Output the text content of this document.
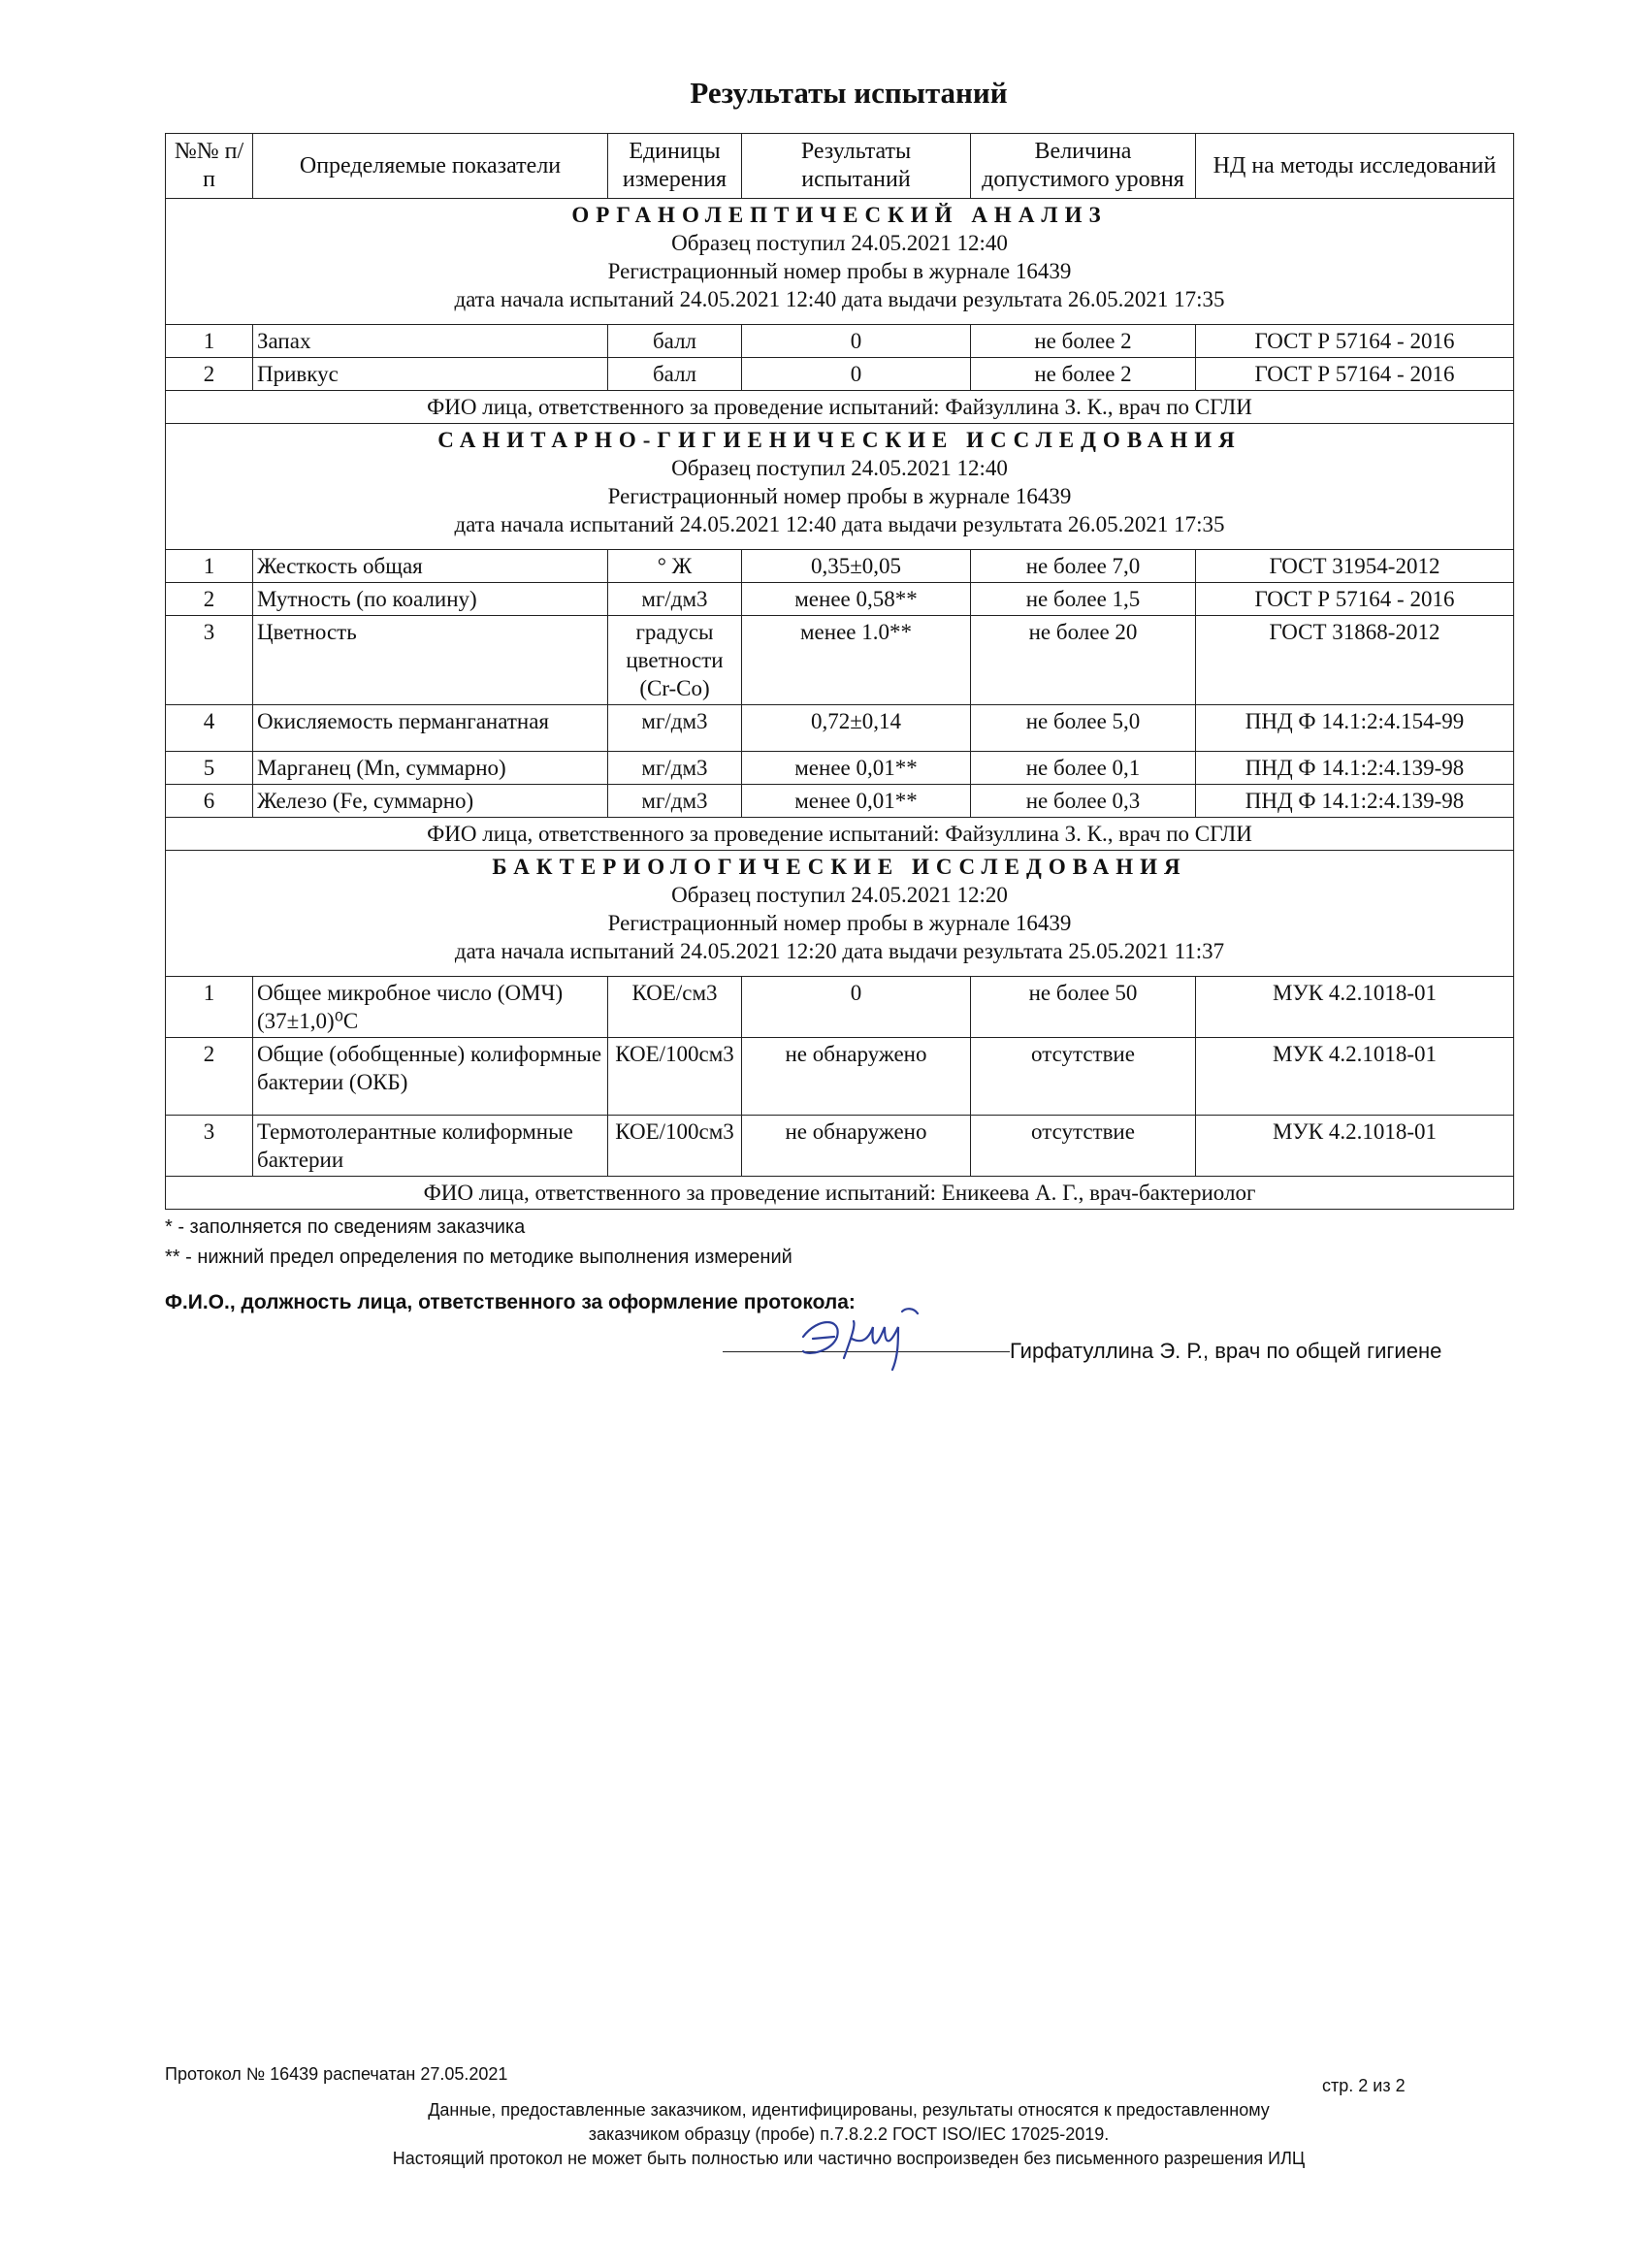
Результаты испытаний
№№ п/п	Определяемые показатели	Единицы измерения	Результаты испытаний	Величина допустимого уровня	НД на методы исследований

ОРГАНОЛЕПТИЧЕСКИЙ АНАЛИЗ
Образец поступил 24.05.2021 12:40
Регистрационный номер пробы в журнале 16439
дата начала испытаний 24.05.2021 12:40 дата выдачи результата 26.05.2021 17:35					

1	Запах	балл	0	не более 2	ГОСТ Р 57164 - 2016
2	Привкус	балл	0	не более 2	ГОСТ Р 57164 - 2016
ФИО лица, ответственного за проведение испытаний: Файзуллина З. К., врач по СГЛИ					

САНИТАРНО-ГИГИЕНИЧЕСКИЕ ИССЛЕДОВАНИЯ
Образец поступил 24.05.2021 12:40
Регистрационный номер пробы в журнале 16439
дата начала испытаний 24.05.2021 12:40 дата выдачи результата 26.05.2021 17:35					

1	Жесткость общая	° Ж	0,35±0,05	не более 7,0	ГОСТ 31954-2012
2	Мутность (по коалину)	мг/дм3	менее 0,58**	не более 1,5	ГОСТ Р 57164 - 2016
3	Цветность	градусы цветности (Cr-Co)	менее 1.0**	не более 20	ГОСТ 31868-2012
4	Окисляемость перманганатная	мг/дм3	0,72±0,14	не более 5,0	ПНД Ф 14.1:2:4.154-99
5	Марганец (Mn, суммарно)	мг/дм3	менее 0,01**	не более 0,1	ПНД Ф 14.1:2:4.139-98
6	Железо (Fe, суммарно)	мг/дм3	менее 0,01**	не более 0,3	ПНД Ф 14.1:2:4.139-98
ФИО лица, ответственного за проведение испытаний: Файзуллина З. К., врач по СГЛИ					

БАКТЕРИОЛОГИЧЕСКИЕ ИССЛЕДОВАНИЯ
Образец поступил 24.05.2021 12:20
Регистрационный номер пробы в журнале 16439
дата начала испытаний 24.05.2021 12:20 дата выдачи результата 25.05.2021 11:37					

1	Общее микробное число (ОМЧ) (37±1,0)⁰С	КОЕ/см3	0	не более 50	МУК 4.2.1018-01
2	Общие (обобщенные) колиформные бактерии (ОКБ)	КОЕ/100см3	не обнаружено	отсутствие	МУК 4.2.1018-01
3	Термотолерантные колиформные бактерии	КОЕ/100см3	не обнаружено	отсутствие	МУК 4.2.1018-01
ФИО лица, ответственного за проведение испытаний: Еникеева А. Г., врач-бактериолог					
* - заполняется по сведениям заказчика
** - нижний предел определения по методике выполнения измерений
Ф.И.О., должность лица, ответственного за оформление протокола:
Гирфатуллина Э. Р., врач по общей гигиене
Протокол № 16439 распечатан 27.05.2021
стр. 2 из 2
Данные, предоставленные заказчиком, идентифицированы, результаты относятся к предоставленному
заказчиком образцу (пробе) п.7.8.2.2 ГОСТ ISO/IEC 17025-2019.
Настоящий протокол не может быть полностью или частично воспроизведен без письменного разрешения ИЛЦ
